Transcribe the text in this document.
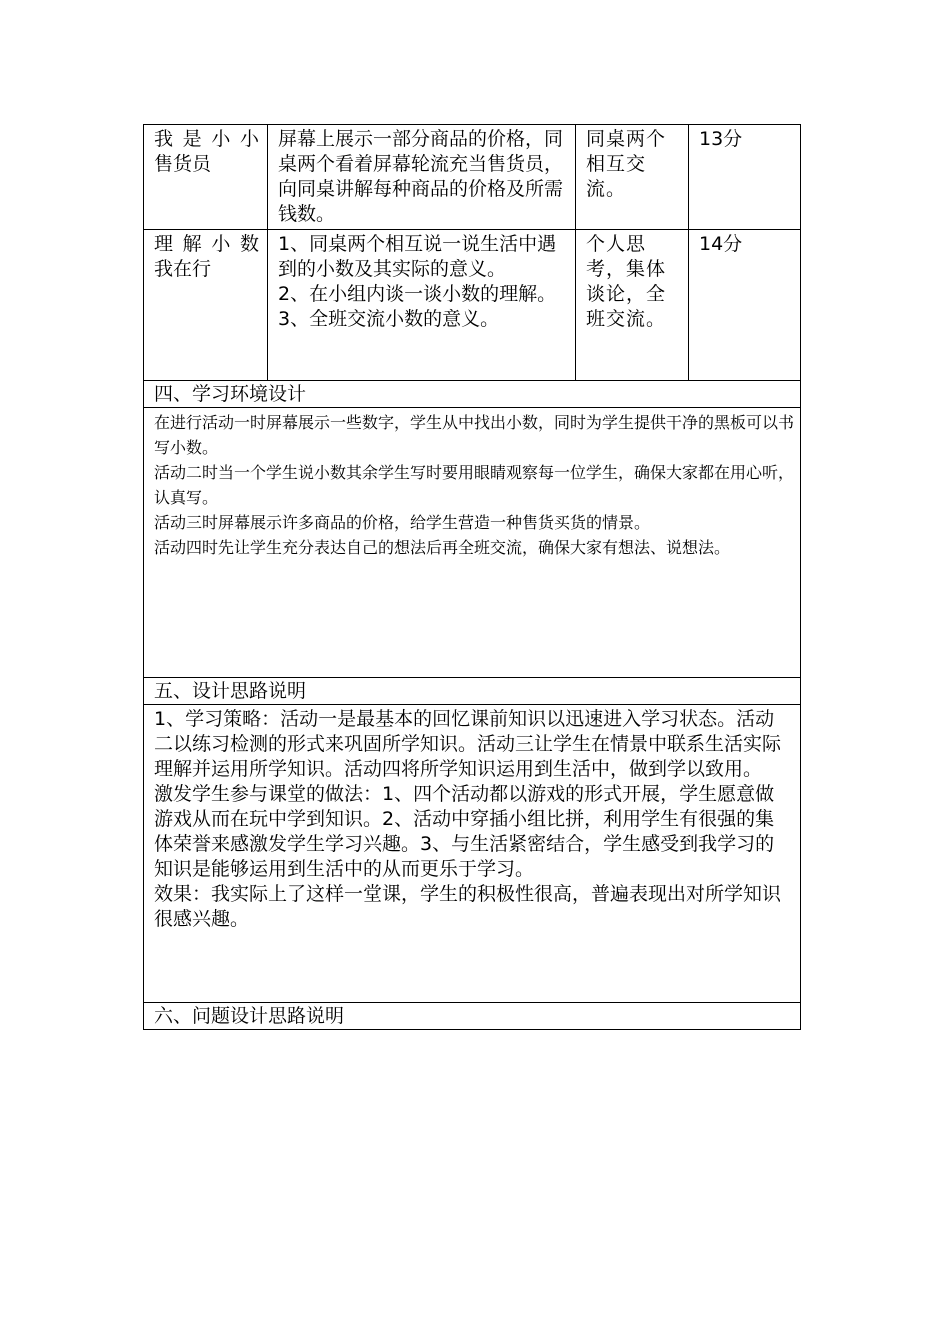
我是小小
售货员	屏幕上展示一部分商品的价格，同桌两个看着屏幕轮流充当售货员，向同桌讲解每种商品的价格及所需钱数。	同桌两个相互交流。	13分

理解小数
我在行	1、同桌两个相互说一说生活中遇到的小数及其实际的意义。
2、在小组内谈一谈小数的理解。
3、全班交流小数的意义。	个人思考，集体谈论，全班交流。	14分
四、学习环境设计			

在进行活动一时屏幕展示一些数字，学生从中找出小数，同时为学生提供干净的黑板可以书写小数。
活动二时当一个学生说小数其余学生写时要用眼睛观察每一位学生，确保大家都在用心听，认真写。
活动三时屏幕展示许多商品的价格，给学生营造一种售货买货的情景。
活动四时先让学生充分表达自己的想法后再全班交流，确保大家有想法、说想法。			

五、设计思路说明			

1、学习策略：活动一是最基本的回忆课前知识以迅速进入学习状态。活动二以练习检测的形式来巩固所学知识。活动三让学生在情景中联系生活实际理解并运用所学知识。活动四将所学知识运用到生活中，做到学以致用。
激发学生参与课堂的做法：1、四个活动都以游戏的形式开展，学生愿意做游戏从而在玩中学到知识。2、活动中穿插小组比拼，利用学生有很强的集体荣誉来感激发学生学习兴趣。3、与生活紧密结合，学生感受到我学习的知识是能够运用到生活中的从而更乐于学习。
效果：我实际上了这样一堂课，学生的积极性很高，普遍表现出对所学知识很感兴趣。			

六、问题设计思路说明			
